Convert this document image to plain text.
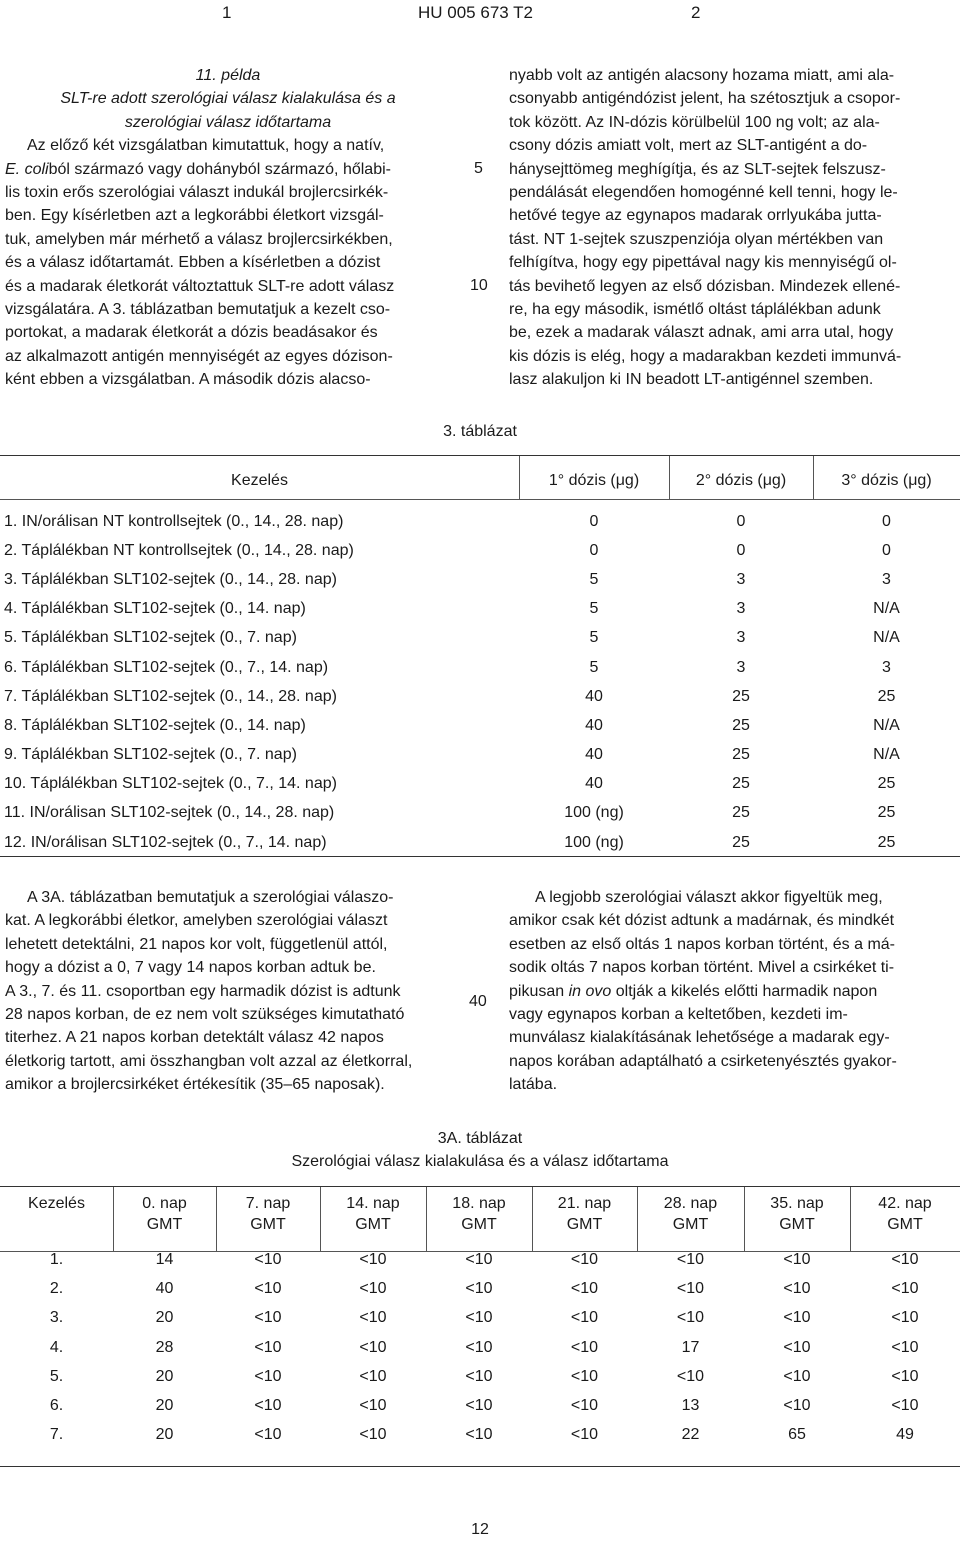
1	HU 005 673 T2	2

11. példa

SLT-re adott szerológiai válasz kialakulása és a

szerológiai válasz időtartama

Az előző két vizsgálatban kimutattuk, hogy a natív,

E. coliból származó vagy dohányból származó, hőlabi-

lis toxin erős szerológiai választ indukál brojlercsirkék-

ben. Egy kísérletben azt a legkorábbi életkort vizsgál-

tuk, amelyben már mérhető a válasz brojlercsirkékben,

és a válasz időtartamát. Ebben a kísérletben a dózist

és a madarak életkorát változtattuk SLT-re adott válasz

vizsgálatára. A 3. táblázatban bemutatjuk a kezelt cso-

portokat, a madarak életkorát a dózis beadásakor és

az alkalmazott antigén mennyiségét az egyes dózison-

ként ebben a vizsgálatban. A második dózis alacso-

5
10
40

nyabb volt az antigén alacsony hozama miatt, ami ala-

csonyabb antigéndózist jelent, ha szétosztjuk a csopor-

tok között. Az IN-dózis körülbelül 100 ng volt; az ala-

csony dózis amiatt volt, mert az SLT-antigént a do-

hánysejttömeg meghígítja, és az SLT-sejtek felszusz-

pendálását elegendően homogénné kell tenni, hogy le-

hetővé tegye az egynapos madarak orrlyukába jutta-

tást. NT 1-sejtek szuszpenziója olyan mértékben van

felhígítva, hogy egy pipettával nagy kis mennyiségű ol-

tás bevihető legyen az első dózisban. Mindezek ellené-

re, ha egy második, ismétlő oltást táplálékban adunk

be, ezek a madarak választ adnak, ami arra utal, hogy

kis dózis is elég, hogy a madarakban kezdeti immunvá-

lasz alakuljon ki IN beadott LT-antigénnel szemben.

3. táblázat
Kezelés	1° dózis (μg)	2° dózis (μg)	3° dózis (μg)

1. IN/orálisan NT kontrollsejtek (0., 14., 28. nap)	0	0	0
2. Táplálékban NT kontrollsejtek (0., 14., 28. nap)	0	0	0
3. Táplálékban SLT102-sejtek (0., 14., 28. nap)	5	3	3
4. Táplálékban SLT102-sejtek (0., 14. nap)	5	3	N/A
5. Táplálékban SLT102-sejtek (0., 7. nap)	5	3	N/A
6. Táplálékban SLT102-sejtek (0., 7., 14. nap)	5	3	3
7. Táplálékban SLT102-sejtek (0., 14., 28. nap)	40	25	25
8. Táplálékban SLT102-sejtek (0., 14. nap)	40	25	N/A
9. Táplálékban SLT102-sejtek (0., 7. nap)	40	25	N/A
10. Táplálékban SLT102-sejtek (0., 7., 14. nap)	40	25	25
11. IN/orálisan SLT102-sejtek (0., 14., 28. nap)	100 (ng)	25	25
12. IN/orálisan SLT102-sejtek (0., 7., 14. nap)	100 (ng)	25	25

A 3A. táblázatban bemutatjuk a szerológiai válaszo-

kat. A legkorábbi életkor, amelyben szerológiai választ

lehetett detektálni, 21 napos kor volt, függetlenül attól,

hogy a dózist a 0, 7 vagy 14 napos korban adtuk be.

A 3., 7. és 11. csoportban egy harmadik dózist is adtunk

28 napos korban, de ez nem volt szükséges kimutatható

titerhez. A 21 napos korban detektált válasz 42 napos

életkorig tartott, ami összhangban volt azzal az életkorral,

amikor a brojlercsirkéket értékesítik (35–65 naposak).

A legjobb szerológiai választ akkor figyeltük meg,

amikor csak két dózist adtunk a madárnak, és mindkét

esetben az első oltás 1 napos korban történt, és a má-

sodik oltás 7 napos korban történt. Mivel a csirkéket ti-

pikusan in ovo oltják a kikelés előtti harmadik napon

vagy egynapos korban a keltetőben, kezdeti im-

munválasz kialakításának lehetősége a madarak egy-

napos korában adaptálható a csirketenyésztés gyakor-

latába.

3A. táblázat
Szerológiai válasz kialakulása és a válasz időtartama
Kezelés	0. nap	7. nap	14. nap	18. nap	21. nap	28. nap	35. nap	42. nap
	GMT	GMT	GMT	GMT	GMT	GMT	GMT	GMT

1.	14	<10	<10	<10	<10	<10	<10	<10
2.	40	<10	<10	<10	<10	<10	<10	<10
3.	20	<10	<10	<10	<10	<10	<10	<10
4.	28	<10	<10	<10	<10	17	<10	<10
5.	20	<10	<10	<10	<10	<10	<10	<10
6.	20	<10	<10	<10	<10	13	<10	<10
7.	20	<10	<10	<10	<10	22	65	49
12
